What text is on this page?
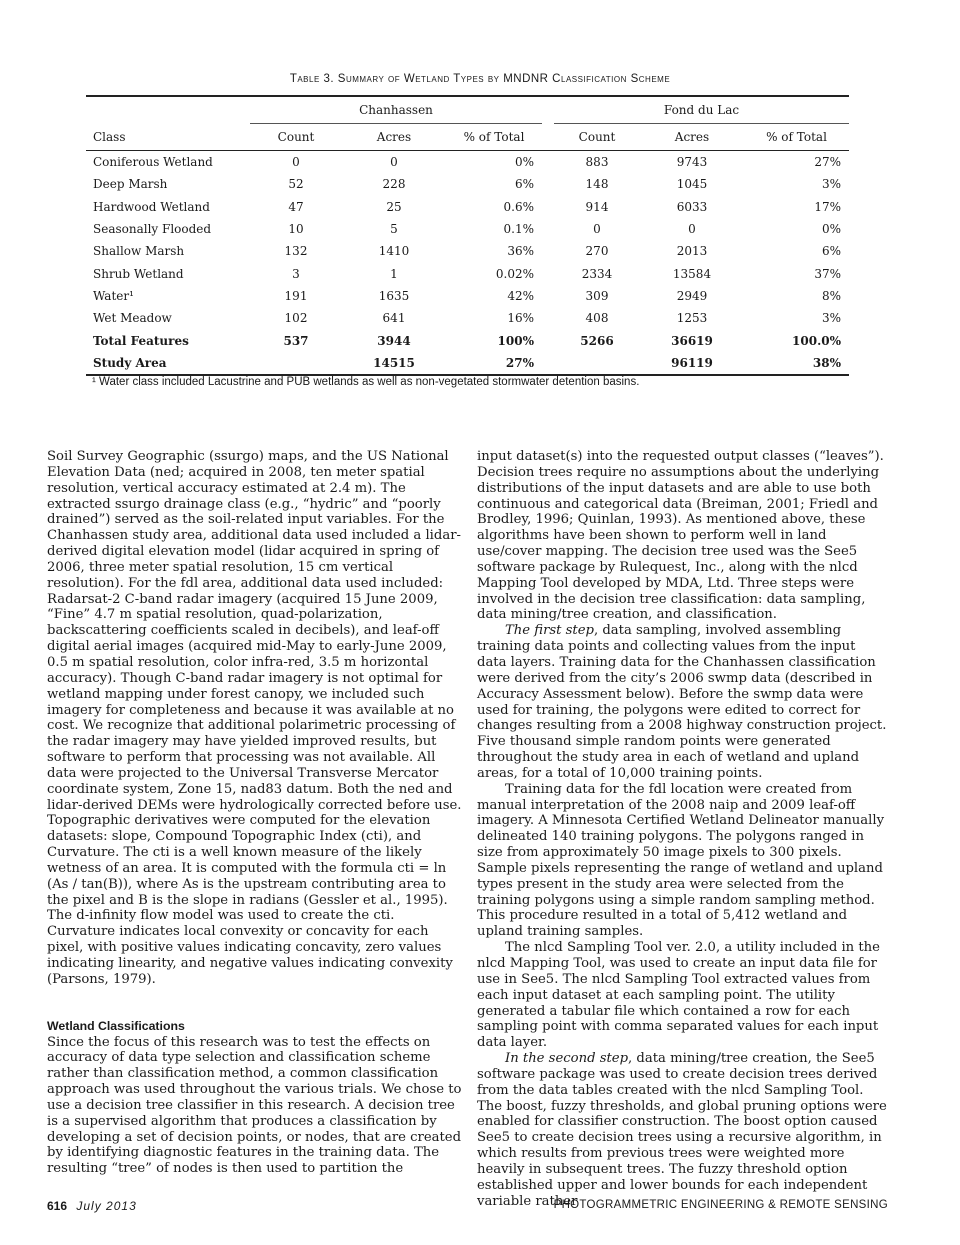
Table 3. Summary of Wetland Types by MNDNR Classification Scheme
	Chanhassen				Fond du Lac		
Class	Count	Acres	% of Total		Count	Acres	% of Total
Coniferous Wetland	0	0	0%		883	9743	27%
Deep Marsh	52	228	6%		148	1045	3%
Hardwood Wetland	47	25	0.6%		914	6033	17%
Seasonally Flooded	10	5	0.1%		0	0	0%
Shallow Marsh	132	1410	36%		270	2013	6%
Shrub Wetland	3	1	0.02%		2334	13584	37%
Water¹	191	1635	42%		309	2949	8%
Wet Meadow	102	641	16%		408	1253	3%
Total Features	537	3944	100%		5266	36619	100.0%
Study Area		14515	27%			96119	38%
¹ Water class included Lacustrine and PUB wetlands as well as non-vegetated stormwater detention basins.

Soil Survey Geographic (ssurgo) maps, and the US National Elevation Data (ned; acquired in 2008, ten meter spatial resolution, vertical accuracy estimated at 2.4 m). The extracted ssurgo drainage class (e.g., “hydric” and “poorly drained”) served as the soil-related input variables. For the Chanhassen study area, additional data used included a lidar-derived digital elevation model (lidar acquired in spring of 2006, three meter spatial resolution, 15 cm vertical resolution). For the fdl area, additional data used included: Radarsat-2 C-band radar imagery (acquired 15 June 2009, “Fine” 4.7 m spatial resolution, quad-polarization, backscattering coefficients scaled in decibels), and leaf-off digital aerial images (acquired mid-May to early-June 2009, 0.5 m spatial resolution, color infra-red, 3.5 m horizontal accuracy). Though C-band radar imagery is not optimal for wetland mapping under forest canopy, we included such imagery for completeness and because it was available at no cost. We recognize that additional polarimetric processing of the radar imagery may have yielded improved results, but software to perform that processing was not available. All data were projected to the Universal Transverse Mercator coordinate system, Zone 15, nad83 datum. Both the ned and lidar-derived DEMs were hydrologically corrected before use. Topographic derivatives were computed for the elevation datasets: slope, Compound Topographic Index (cti), and Curvature. The cti is a well known measure of the likely wetness of an area. It is computed with the formula cti = ln (As / tan(B)), where As is the upstream contributing area to the pixel and B is the slope in radians (Gessler et al., 1995). The d-infinity flow model was used to create the cti. Curvature indicates local convexity or concavity for each pixel, with positive values indicating concavity, zero values indicating linearity, and negative values indicating convexity (Parsons, 1979).

Wetland Classifications

Since the focus of this research was to test the effects on accuracy of data type selection and classification scheme rather than classification method, a common classification approach was used throughout the various trials. We chose to use a decision tree classifier in this research. A decision tree is a supervised algorithm that produces a classification by developing a set of decision points, or nodes, that are created by identifying diagnostic features in the training data. The resulting “tree” of nodes is then used to partition the

input dataset(s) into the requested output classes (“leaves”). Decision trees require no assumptions about the underlying distributions of the input datasets and are able to use both continuous and categorical data (Breiman, 2001; Friedl and Brodley, 1996; Quinlan, 1993). As mentioned above, these algorithms have been shown to perform well in land use/cover mapping. The decision tree used was the See5 software package by Rulequest, Inc., along with the nlcd Mapping Tool developed by MDA, Ltd. Three steps were involved in the decision tree classification: data sampling, data mining/tree creation, and classification.

The first step, data sampling, involved assembling training data points and collecting values from the input data layers. Training data for the Chanhassen classification were derived from the city’s 2006 swmp data (described in Accuracy Assessment below). Before the swmp data were used for training, the polygons were edited to correct for changes resulting from a 2008 highway construction project. Five thousand simple random points were generated throughout the study area in each of wetland and upland areas, for a total of 10,000 training points.

Training data for the fdl location were created from manual interpretation of the 2008 naip and 2009 leaf-off imagery. A Minnesota Certified Wetland Delineator manually delineated 140 training polygons. The polygons ranged in size from approximately 50 image pixels to 300 pixels. Sample pixels representing the range of wetland and upland types present in the study area were selected from the training polygons using a simple random sampling method. This procedure resulted in a total of 5,412 wetland and upland training samples.

The nlcd Sampling Tool ver. 2.0, a utility included in the nlcd Mapping Tool, was used to create an input data file for use in See5. The nlcd Sampling Tool extracted values from each input dataset at each sampling point. The utility generated a tabular file which contained a row for each sampling point with comma separated values for each input data layer.

In the second step, data mining/tree creation, the See5 software package was used to create decision trees derived from the data tables created with the nlcd Sampling Tool. The boost, fuzzy thresholds, and global pruning options were enabled for classifier construction. The boost option caused See5 to create decision trees using a recursive algorithm, in which results from previous trees were weighted more heavily in subsequent trees. The fuzzy threshold option established upper and lower bounds for each independent variable rather

616 July 2013	PHOTOGRAMMETRIC ENGINEERING & REMOTE SENSING
